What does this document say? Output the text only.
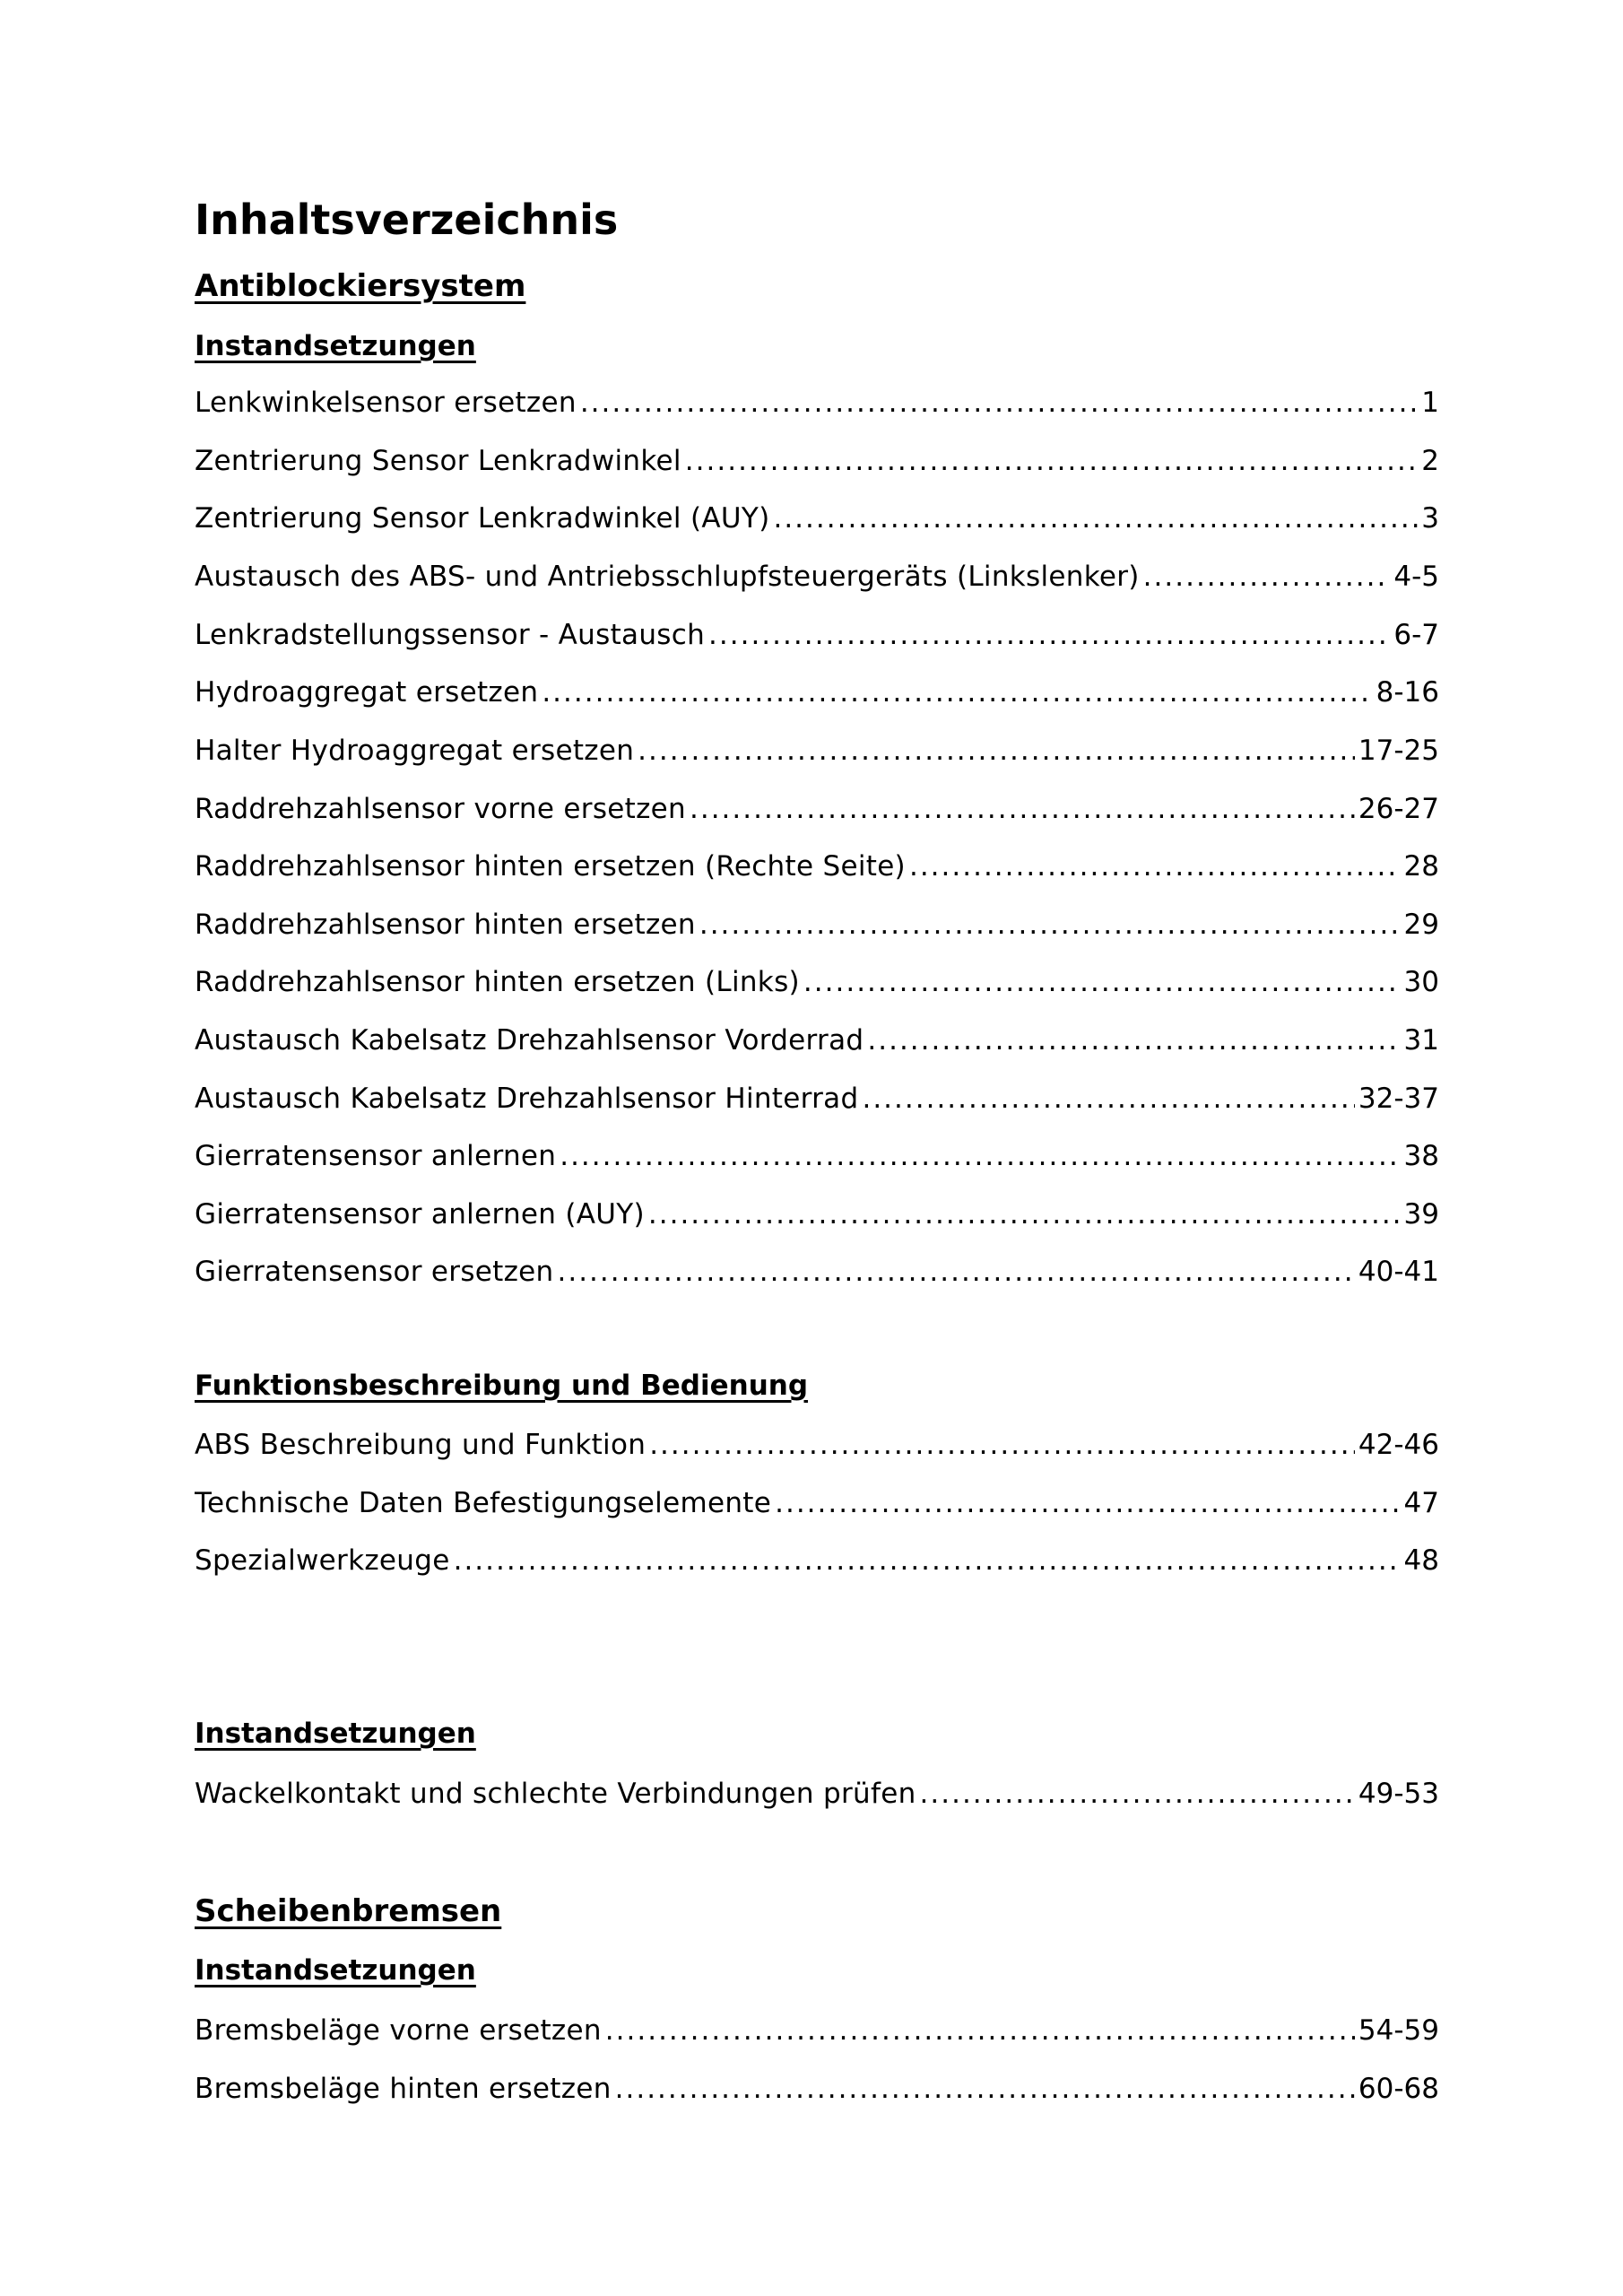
Inhaltsverzeichnis
Antiblockiersystem
Instandsetzungen
Lenkwinkelsensor ersetzen .....	1
Zentrierung Sensor Lenkradwinkel .....	2
Zentrierung Sensor Lenkradwinkel (AUY) .....	3
Austausch des ABS- und Antriebsschlupfsteuergeräts (Linkslenker) .....	4-5
Lenkradstellungssensor - Austausch .....	6-7
Hydroaggregat ersetzen .....	8-16
Halter Hydroaggregat ersetzen .....	17-25
Raddrehzahlsensor vorne ersetzen .....	26-27
Raddrehzahlsensor hinten ersetzen (Rechte Seite) .....	28
Raddrehzahlsensor hinten ersetzen .....	29
Raddrehzahlsensor hinten ersetzen (Links) .....	30
Austausch Kabelsatz Drehzahlsensor Vorderrad .....	31
Austausch Kabelsatz Drehzahlsensor Hinterrad .....	32-37
Gierratensensor anlernen .....	38
Gierratensensor anlernen (AUY) .....	39
Gierratensensor ersetzen .....	40-41
Funktionsbeschreibung und Bedienung
ABS Beschreibung und Funktion .....	42-46
Technische Daten Befestigungselemente .....	47
Spezialwerkzeuge .....	48
Instandsetzungen
Wackelkontakt und schlechte Verbindungen prüfen .....	49-53
Scheibenbremsen
Instandsetzungen
Bremsbeläge vorne ersetzen .....	54-59
Bremsbeläge hinten ersetzen .....	60-68
